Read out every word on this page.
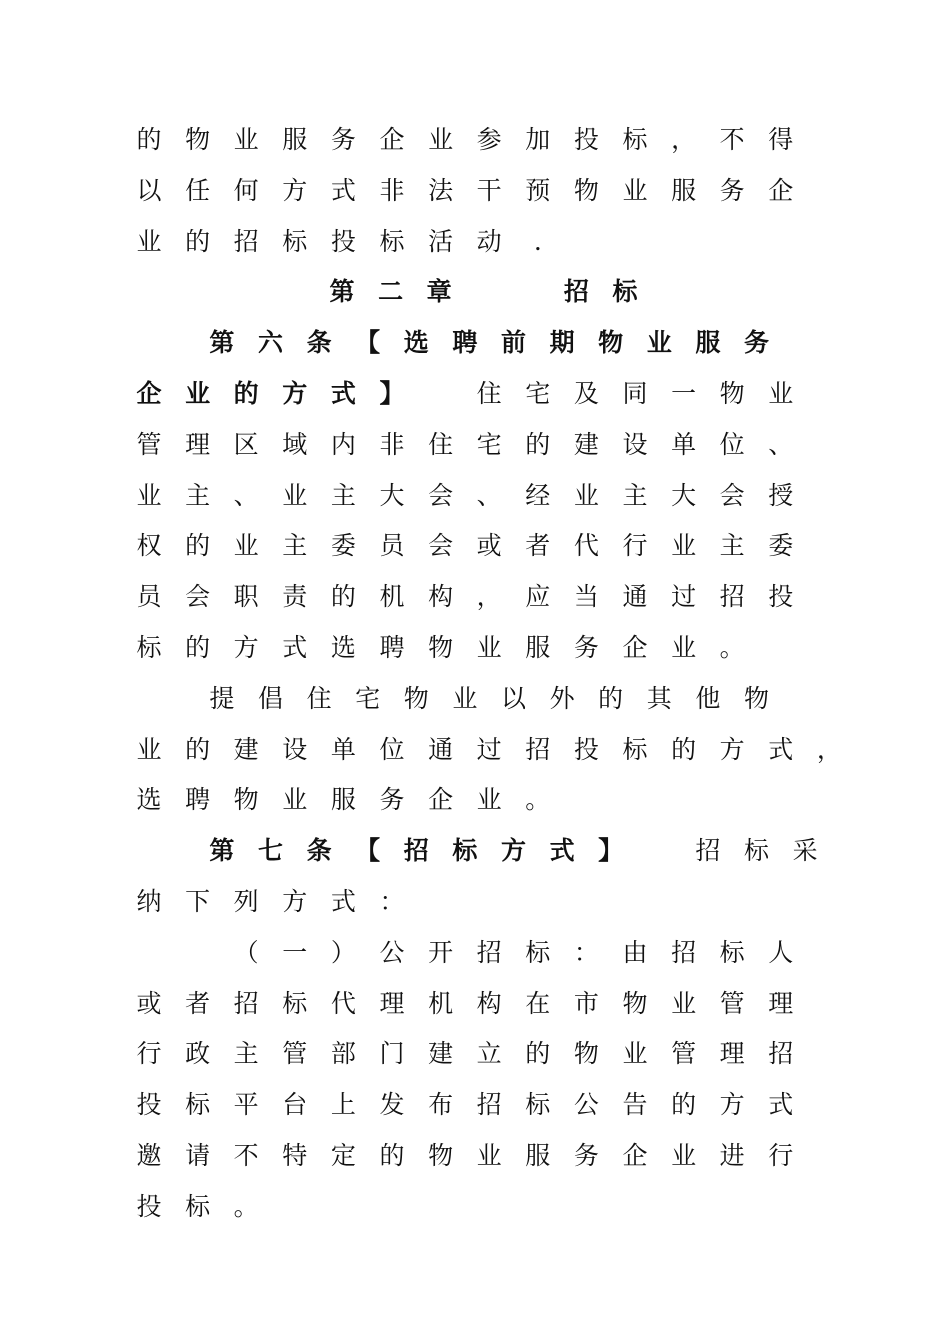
的 物 业 服 务 企 业 参 加 投 标 ， 不 得
以 任 何 方 式 非 法 干 预 物 业 服 务 企
业 的 招 标 投 标 活 动	.
第 二 章
　	招 标
第 六 条 【 选 聘 前 期 物 业 服 务
企 业 的 方 式 】
　	住 宅 及 同 一 物 业
管 理 区 域 内 非 住 宅 的 建 设 单 位 、
业 主 、 业 主 大 会 、 经 业 主 大 会 授
权 的 业 主 委 员 会 或 者 代 行 业 主 委
员 会 职 责 的 机 构 ， 应 当 通 过 招 投
标 的 方 式 选 聘 物 业 服 务 企 业 。
提 倡 住 宅 物 业 以 外 的 其 他 物
业 的 建 设 单 位 通 过 招 投 标 的 方 式 ，
选 聘 物 业 服 务 企 业 。
第 七 条 【 招 标 方 式 】
　	招 标 采
纳 下 列 方 式 ：
（ 一 ） 公 开 招 标 ： 由 招 标 人
或 者 招 标 代 理 机 构 在 市 物 业 管 理
行 政 主 管 部 门 建 立 的 物 业 管 理 招
投 标 平 台 上 发 布 招 标 公 告 的 方 式
邀 请 不 特 定 的 物 业 服 务 企 业 进 行
投 标 。
